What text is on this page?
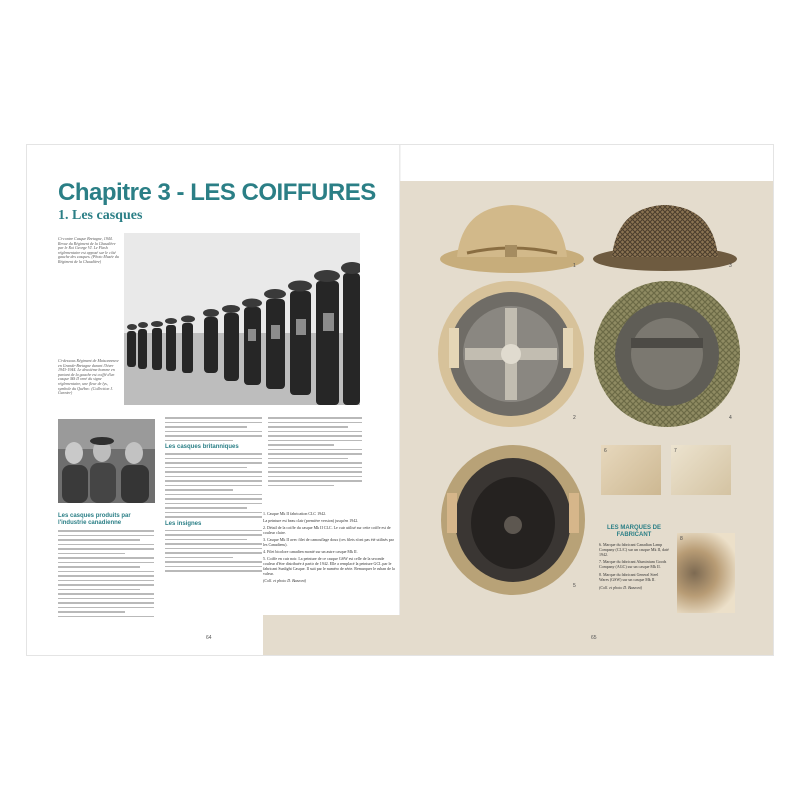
Chapitre 3 - LES COIFFURES
1. Les casques
Ci-contre Casque Bretagne, 1944. Revue du Régiment de la Chaudière par le Roi George VI. Le Flash réglementaire est apposé sur le côté gauche des casques. (Photo Musée du Régiment de la Chaudière)
Ci-dessous Régiment de Maisonneuve en Grande-Bretagne durant l'hiver 1943-1944. Le deuxième homme en partant de la gauche est coiffé d'un casque Mk II orné du signe réglementaire, une fleur de lys, symbole du Québec. (Collection J. Garnier)
Les casques produits par l'industrie canadienne
Les casques britanniques
Les insignes
64
1	3
2	4
5
6	7
8
LES MARQUES DE FABRICANT

6. Marque du fabricant Canadian Lamp Company (CL/C) sur un casque Mk II, daté 1942.

7. Marque du fabricant Aluminium Goods Company (AGC) sur un casque Mk II.

8. Marque du fabricant General Steel Wares (GSW) sur un casque Mk II.

(Coll. et photo D. Bazzoni)

1. Casque Mk II fabrication CLC 1942.

La peinture est beau clair (première version) jusqu'en 1942.

2. Détail de la coiffe du casque Mk II CLC. Le cuir utilisé sur cette coiffe est de couleur claire.

3. Casque Mk II avec filet de camouflage doux (ces filets n'ont pas été utilisés par les Canadiens).

4. Filet bicolore canadien monté sur un autre casque Mk II.

5. Coiffe en cuir noir. La peinture de ce casque GSW est celle de la seconde couleur d'être distribuée à partir de 1942. Elle a remplacé la peinture GCL par le fabricant Sunlight Casque. Il suit par le numéro de série. Remarquer le ruban de la valeur.

(Coll. et photo D. Bazzoni)

65
